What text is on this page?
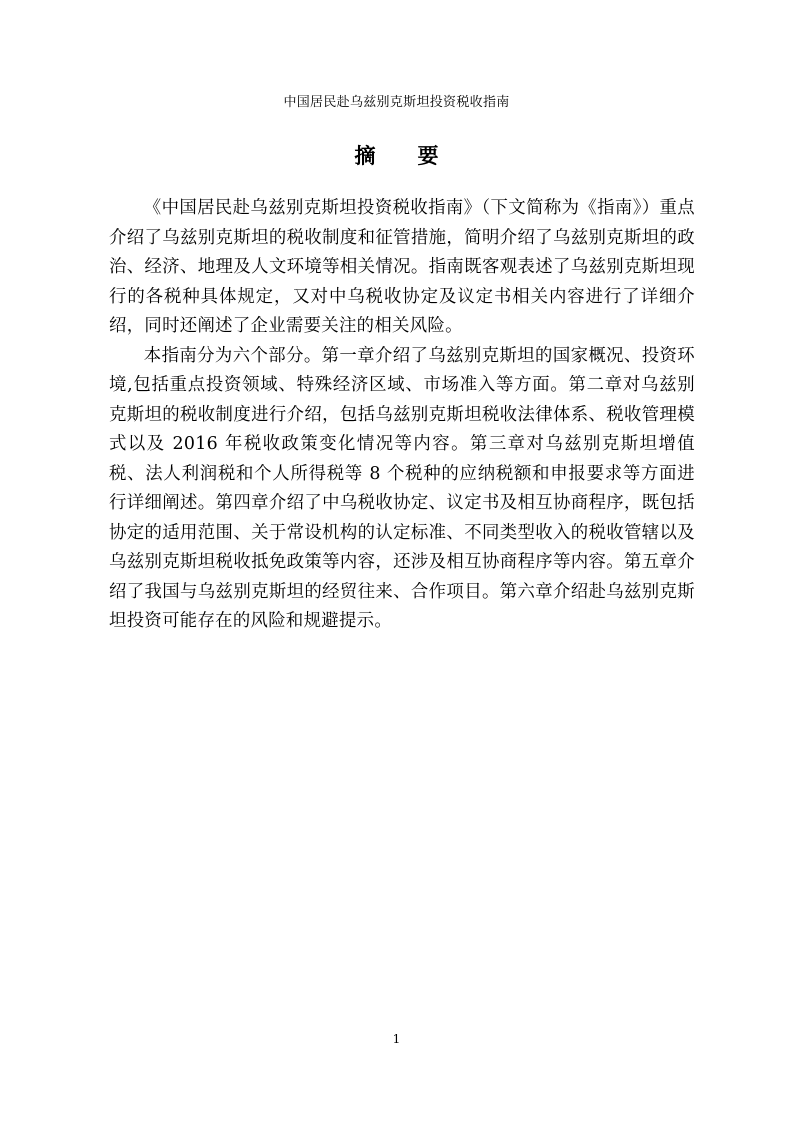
中国居民赴乌兹别克斯坦投资税收指南
摘 要

《中国居民赴乌兹别克斯坦投资税收指南》（下文简称为《指南》）重点介绍了乌兹别克斯坦的税收制度和征管措施，简明介绍了乌兹别克斯坦的政治、经济、地理及人文环境等相关情况。指南既客观表述了乌兹别克斯坦现行的各税种具体规定，又对中乌税收协定及议定书相关内容进行了详细介绍，同时还阐述了企业需要关注的相关风险。

本指南分为六个部分。第一章介绍了乌兹别克斯坦的国家概况、投资环境,包括重点投资领域、特殊经济区域、市场准入等方面。第二章对乌兹别克斯坦的税收制度进行介绍，包括乌兹别克斯坦税收法律体系、税收管理模式以及 2016 年税收政策变化情况等内容。第三章对乌兹别克斯坦增值税、法人利润税和个人所得税等 8 个税种的应纳税额和申报要求等方面进行详细阐述。第四章介绍了中乌税收协定、议定书及相互协商程序，既包括协定的适用范围、关于常设机构的认定标准、不同类型收入的税收管辖以及乌兹别克斯坦税收抵免政策等内容，还涉及相互协商程序等内容。第五章介绍了我国与乌兹别克斯坦的经贸往来、合作项目。第六章介绍赴乌兹别克斯坦投资可能存在的风险和规避提示。

1
